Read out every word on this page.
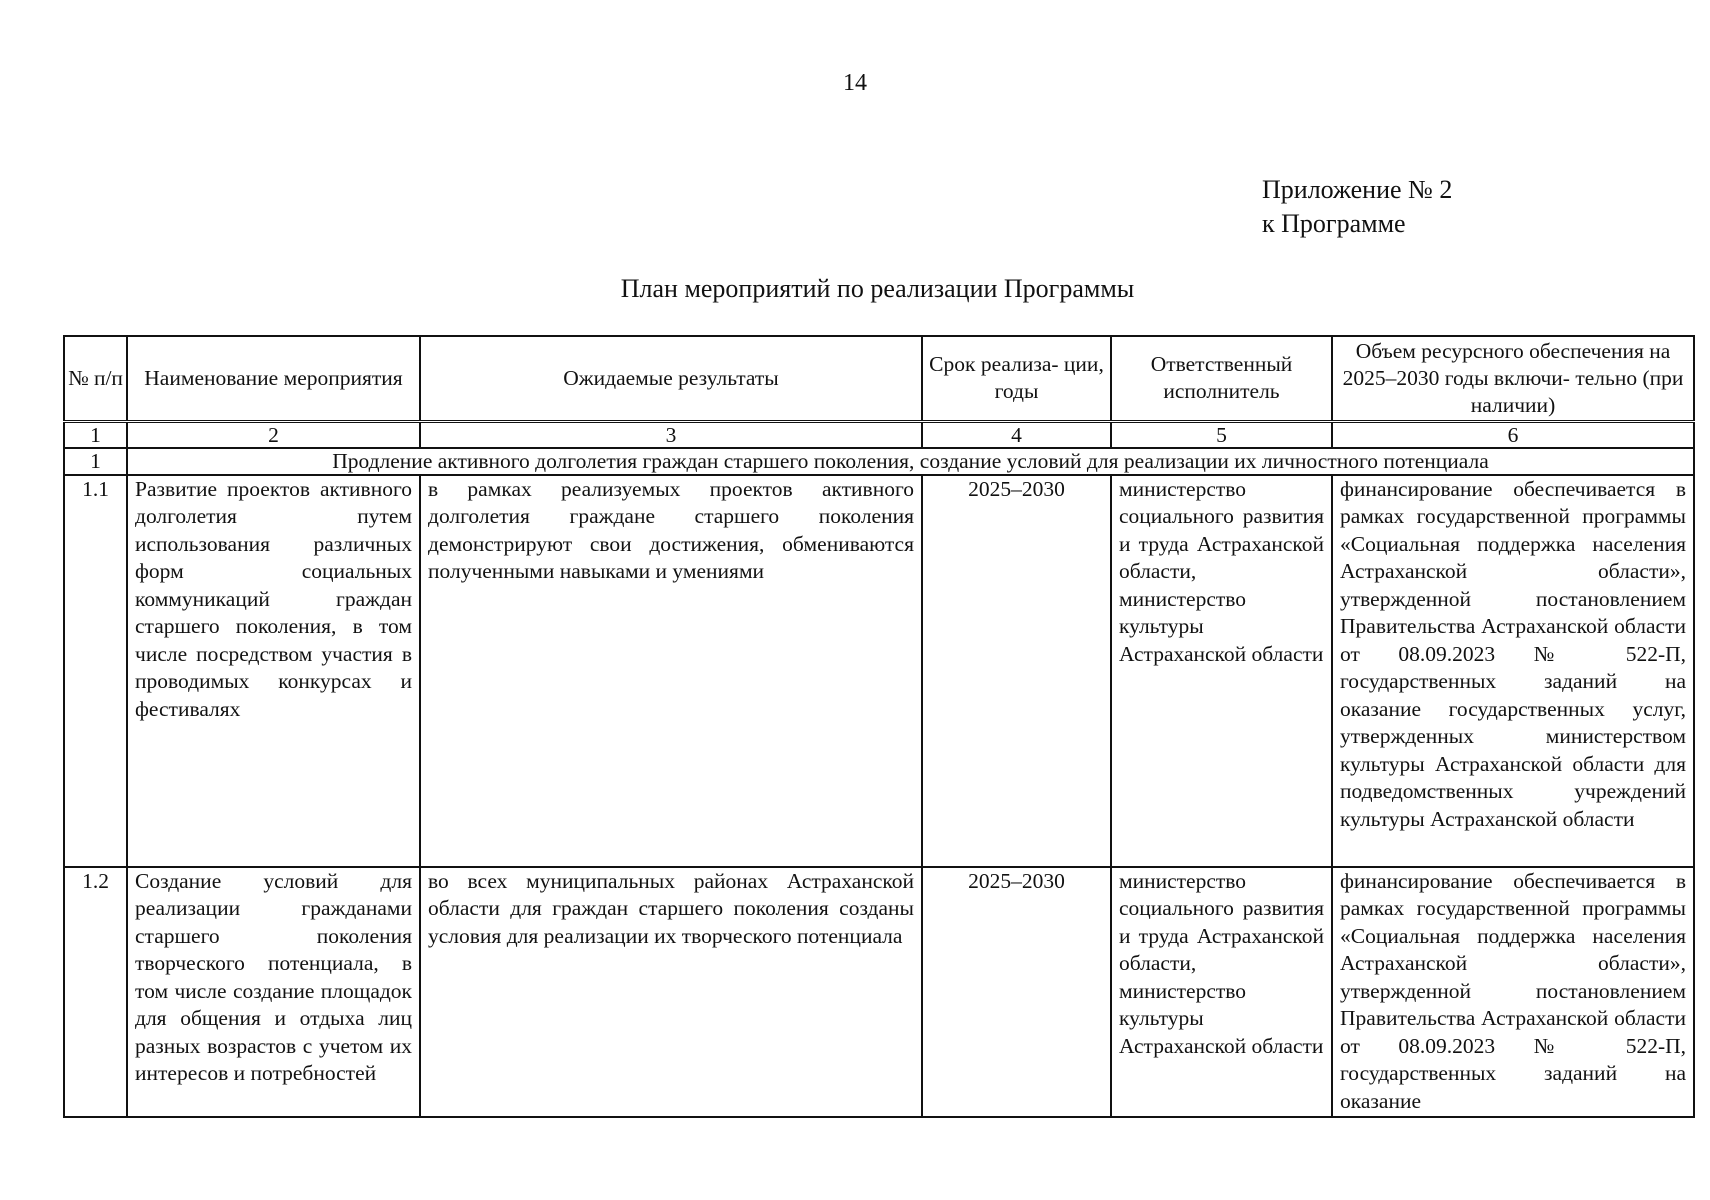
14
Приложение № 2
к Программе
План мероприятий по реализации Программы
№ п/п	Наименование мероприятия	Ожидаемые результаты	Срок реализа- ции, годы	Ответственный исполнитель	Объем ресурсного обеспечения на 2025–2030 годы включи- тельно (при наличии)
1	2	3	4	5	6
1	Продление активного долголетия граждан старшего поколения, создание условий для реализации их личностного потенциала				
1.1	Развитие проектов активного долголетия путем использования различных форм социальных коммуникаций граждан старшего поколения, в том числе посредством участия в проводимых конкурсах и фестивалях	в рамках реализуемых проектов активного долголетия граждане старшего поколения демонстрируют свои достижения, обмениваются полученными навыками и умениями	2025–2030	министерство социального развития и труда Астраханской области, министерство культуры Астраханской области	финансирование обеспечивается в рамках государственной программы «Социальная поддержка населения Астраханской области», утвержденной постановлением Правительства Астраханской области от 08.09.2023 № 522-П, государственных заданий на оказание государственных услуг, утвержденных министерством культуры Астраханской области для подведомственных учреждений культуры Астраханской области
1.2	Создание условий для реализации гражданами старшего поколения творческого потенциала, в том числе создание площадок для общения и отдыха лиц разных возрастов с учетом их интересов и потребностей	во всех муниципальных районах Астраханской области для граждан старшего поколения созданы условия для реализации их творческого потенциала	2025–2030	министерство социального развития и труда Астраханской области, министерство культуры Астраханской области	финансирование обеспечивается в рамках государственной программы «Социальная поддержка населения Астраханской области», утвержденной постановлением Правительства Астраханской области от 08.09.2023 № 522-П, государственных заданий на оказание
